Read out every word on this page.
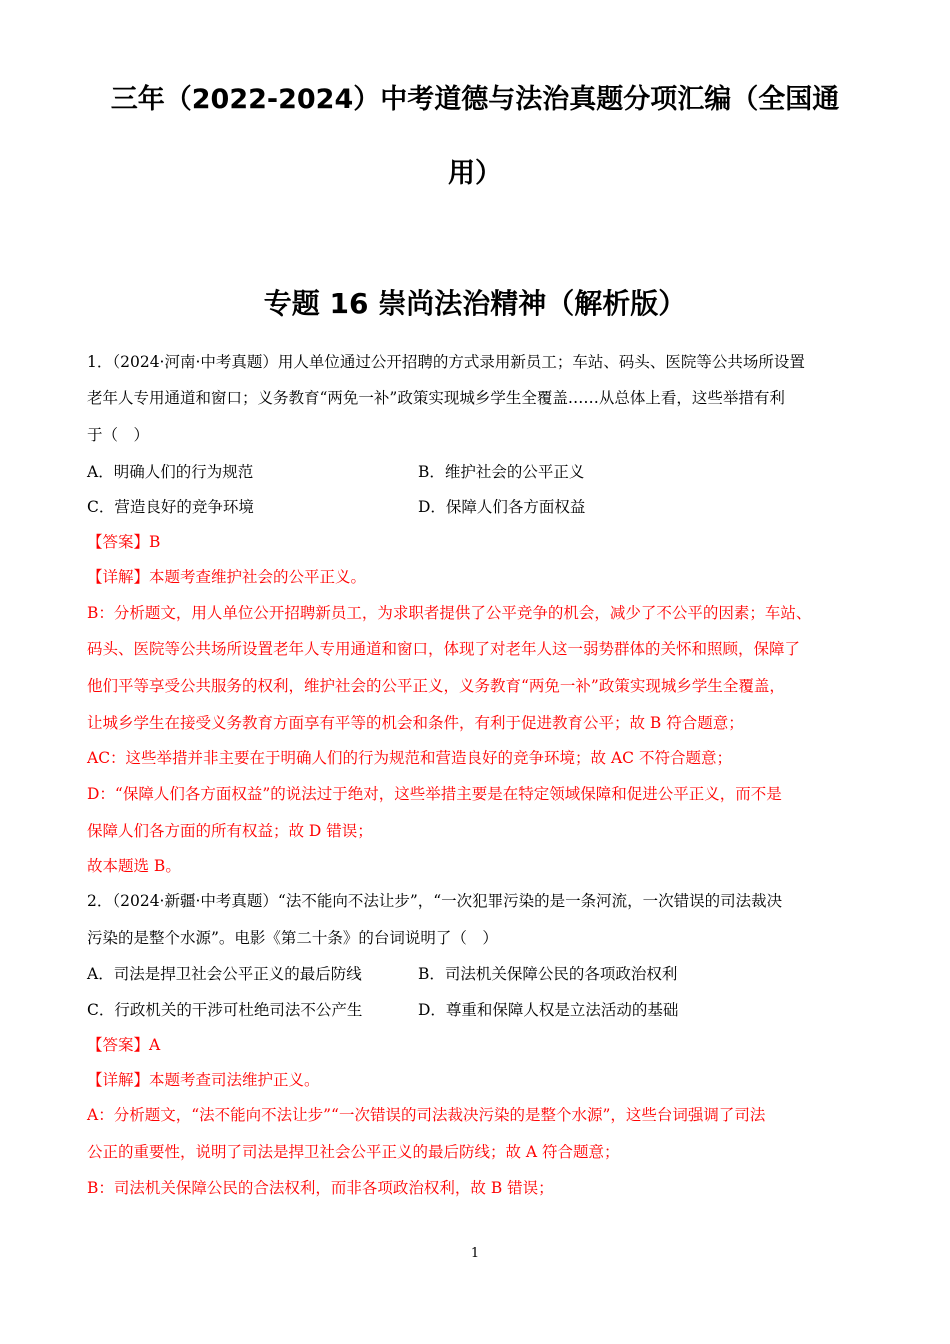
三年（2022-2024）中考道德与法治真题分项汇编（全国通
用）
专题 16 崇尚法治精神（解析版）

1．（2024·河南·中考真题）用人单位通过公开招聘的方式录用新员工；车站、码头、医院等公共场所设置

老年人专用通道和窗口；义务教育“两免一补”政策实现城乡学生全覆盖……从总体上看，这些举措有利

于（　）

A．明确人们的行为规范	B．维护社会的公平正义

C．营造良好的竞争环境	D．保障人们各方面权益

【答案】B

【详解】本题考查维护社会的公平正义。

B：分析题文，用人单位公开招聘新员工，为求职者提供了公平竞争的机会，减少了不公平的因素；车站、

码头、医院等公共场所设置老年人专用通道和窗口，体现了对老年人这一弱势群体的关怀和照顾，保障了

他们平等享受公共服务的权利，维护社会的公平正义，义务教育“两免一补”政策实现城乡学生全覆盖，

让城乡学生在接受义务教育方面享有平等的机会和条件，有利于促进教育公平；故 B 符合题意；

AC：这些举措并非主要在于明确人们的行为规范和营造良好的竞争环境；故 AC 不符合题意；

D：“保障人们各方面权益”的说法过于绝对，这些举措主要是在特定领域保障和促进公平正义，而不是

保障人们各方面的所有权益；故 D 错误；

故本题选 B。

2．（2024·新疆·中考真题）“法不能向不法让步”，“一次犯罪污染的是一条河流，一次错误的司法裁决

污染的是整个水源”。电影《第二十条》的台词说明了（　）

A．司法是捍卫社会公平正义的最后防线	B．司法机关保障公民的各项政治权利

C．行政机关的干涉可杜绝司法不公产生	D．尊重和保障人权是立法活动的基础

【答案】A

【详解】本题考查司法维护正义。

A：分析题文，“法不能向不法让步”“一次错误的司法裁决污染的是整个水源”，这些台词强调了司法

公正的重要性，说明了司法是捍卫社会公平正义的最后防线；故 A 符合题意；

B：司法机关保障公民的合法权利，而非各项政治权利，故 B 错误；

1
